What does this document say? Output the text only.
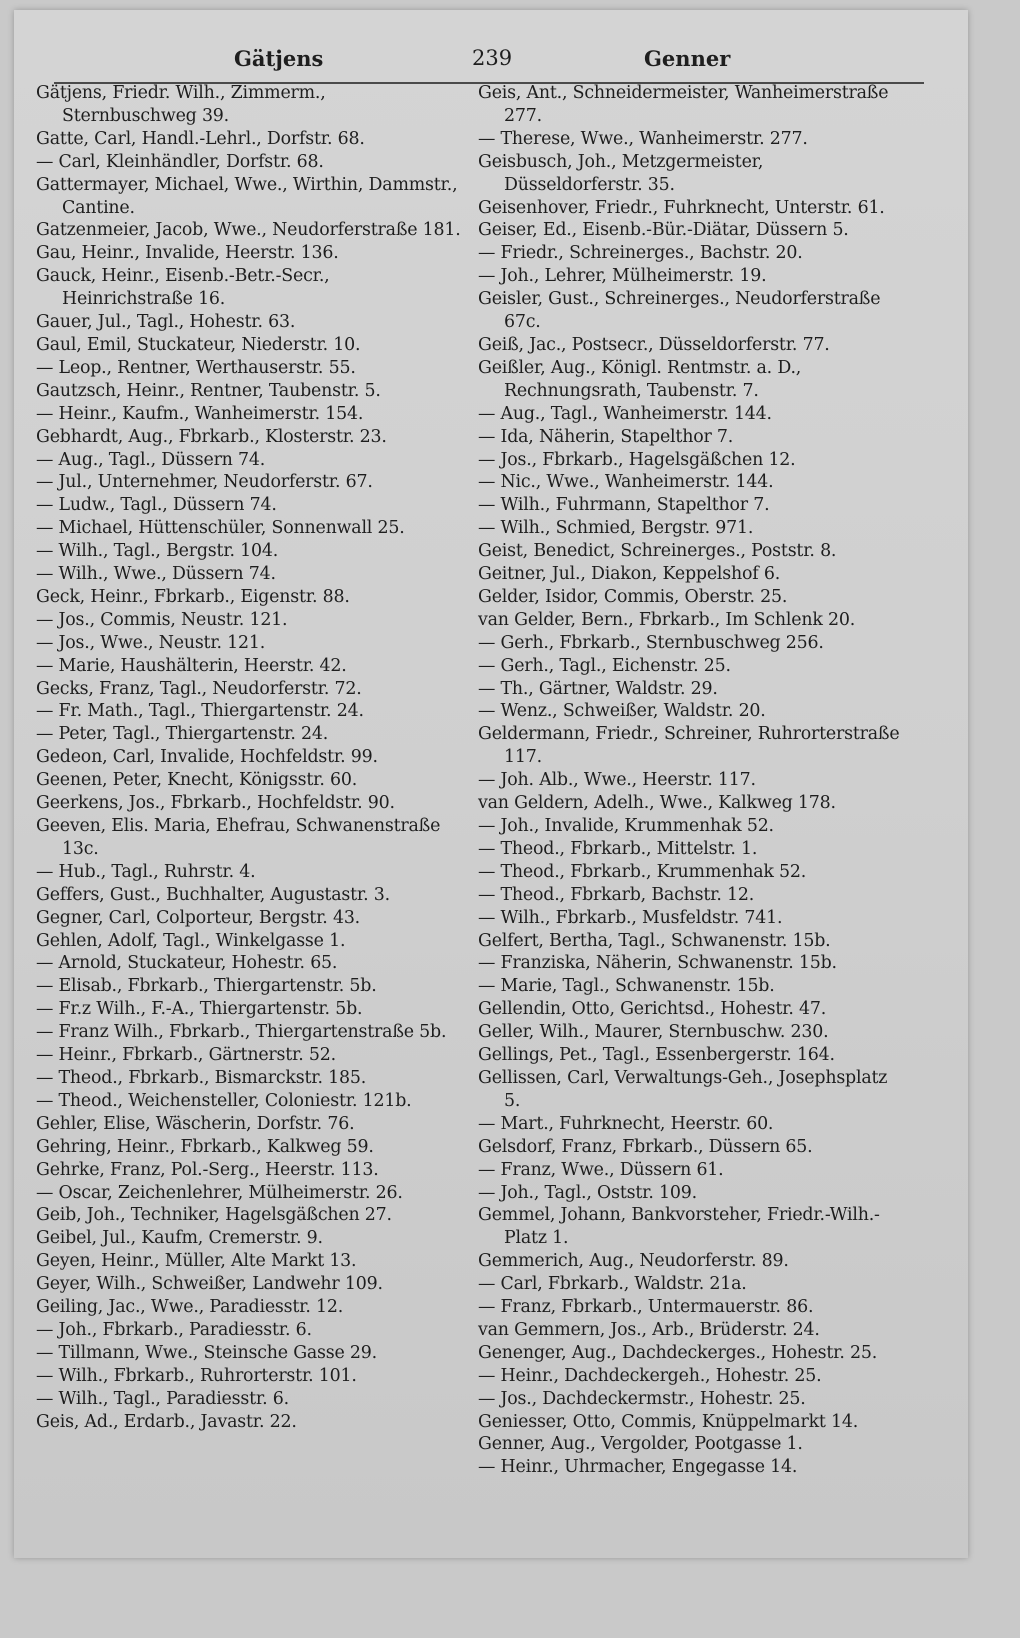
Gätjens	239	Genner
Gätjens, Friedr. Wilh., Zimmerm., Sternbuschweg 39.
Gatte, Carl, Handl.-Lehrl., Dorfstr. 68.
— Carl, Kleinhändler, Dorfstr. 68.
Gattermayer, Michael, Wwe., Wirthin, Dammstr., Cantine.
Gatzenmeier, Jacob, Wwe., Neudorferstraße 181.
Gau, Heinr., Invalide, Heerstr. 136.
Gauck, Heinr., Eisenb.-Betr.-Secr., Heinrichstraße 16.
Gauer, Jul., Tagl., Hohestr. 63.
Gaul, Emil, Stuckateur, Niederstr. 10.
— Leop., Rentner, Werthauserstr. 55.
Gautzsch, Heinr., Rentner, Taubenstr. 5.
— Heinr., Kaufm., Wanheimerstr. 154.
Gebhardt, Aug., Fbrkarb., Klosterstr. 23.
— Aug., Tagl., Düssern 74.
— Jul., Unternehmer, Neudorferstr. 67.
— Ludw., Tagl., Düssern 74.
— Michael, Hüttenschüler, Sonnenwall 25.
— Wilh., Tagl., Bergstr. 104.
— Wilh., Wwe., Düssern 74.
Geck, Heinr., Fbrkarb., Eigenstr. 88.
— Jos., Commis, Neustr. 121.
— Jos., Wwe., Neustr. 121.
— Marie, Haushälterin, Heerstr. 42.
Gecks, Franz, Tagl., Neudorferstr. 72.
— Fr. Math., Tagl., Thiergartenstr. 24.
— Peter, Tagl., Thiergartenstr. 24.
Gedeon, Carl, Invalide, Hochfeldstr. 99.
Geenen, Peter, Knecht, Königsstr. 60.
Geerkens, Jos., Fbrkarb., Hochfeldstr. 90.
Geeven, Elis. Maria, Ehefrau, Schwanenstraße 13c.
— Hub., Tagl., Ruhrstr. 4.
Geffers, Gust., Buchhalter, Augustastr. 3.
Gegner, Carl, Colporteur, Bergstr. 43.
Gehlen, Adolf, Tagl., Winkelgasse 1.
— Arnold, Stuckateur, Hohestr. 65.
— Elisab., Fbrkarb., Thiergartenstr. 5b.
— Fr.z Wilh., F.-A., Thiergartenstr. 5b.
— Franz Wilh., Fbrkarb., Thiergartenstraße 5b.
— Heinr., Fbrkarb., Gärtnerstr. 52.
— Theod., Fbrkarb., Bismarckstr. 185.
— Theod., Weichensteller, Coloniestr. 121b.
Gehler, Elise, Wäscherin, Dorfstr. 76.
Gehring, Heinr., Fbrkarb., Kalkweg 59.
Gehrke, Franz, Pol.-Serg., Heerstr. 113.
— Oscar, Zeichenlehrer, Mülheimerstr. 26.
Geib, Joh., Techniker, Hagelsgäßchen 27.
Geibel, Jul., Kaufm, Cremerstr. 9.
Geyen, Heinr., Müller, Alte Markt 13.
Geyer, Wilh., Schweißer, Landwehr 109.
Geiling, Jac., Wwe., Paradiesstr. 12.
— Joh., Fbrkarb., Paradiesstr. 6.
— Tillmann, Wwe., Steinsche Gasse 29.
— Wilh., Fbrkarb., Ruhrorterstr. 101.
— Wilh., Tagl., Paradiesstr. 6.
Geis, Ad., Erdarb., Javastr. 22.
Geis, Ant., Schneidermeister, Wanheimerstraße 277.
— Therese, Wwe., Wanheimerstr. 277.
Geisbusch, Joh., Metzgermeister, Düsseldorferstr. 35.
Geisenhover, Friedr., Fuhrknecht, Unterstr. 61.
Geiser, Ed., Eisenb.-Bür.-Diätar, Düssern 5.
— Friedr., Schreinerges., Bachstr. 20.
— Joh., Lehrer, Mülheimerstr. 19.
Geisler, Gust., Schreinerges., Neudorferstraße 67c.
Geiß, Jac., Postsecr., Düsseldorferstr. 77.
Geißler, Aug., Königl. Rentmstr. a. D., Rechnungsrath, Taubenstr. 7.
— Aug., Tagl., Wanheimerstr. 144.
— Ida, Näherin, Stapelthor 7.
— Jos., Fbrkarb., Hagelsgäßchen 12.
— Nic., Wwe., Wanheimerstr. 144.
— Wilh., Fuhrmann, Stapelthor 7.
— Wilh., Schmied, Bergstr. 971.
Geist, Benedict, Schreinerges., Poststr. 8.
Geitner, Jul., Diakon, Keppelshof 6.
Gelder, Isidor, Commis, Oberstr. 25.
van Gelder, Bern., Fbrkarb., Im Schlenk 20.
— Gerh., Fbrkarb., Sternbuschweg 256.
— Gerh., Tagl., Eichenstr. 25.
— Th., Gärtner, Waldstr. 29.
— Wenz., Schweißer, Waldstr. 20.
Geldermann, Friedr., Schreiner, Ruhrorterstraße 117.
— Joh. Alb., Wwe., Heerstr. 117.
van Geldern, Adelh., Wwe., Kalkweg 178.
— Joh., Invalide, Krummenhak 52.
— Theod., Fbrkarb., Mittelstr. 1.
— Theod., Fbrkarb., Krummenhak 52.
— Theod., Fbrkarb, Bachstr. 12.
— Wilh., Fbrkarb., Musfeldstr. 741.
Gelfert, Bertha, Tagl., Schwanenstr. 15b.
— Franziska, Näherin, Schwanenstr. 15b.
— Marie, Tagl., Schwanenstr. 15b.
Gellendin, Otto, Gerichtsd., Hohestr. 47.
Geller, Wilh., Maurer, Sternbuschw. 230.
Gellings, Pet., Tagl., Essenbergerstr. 164.
Gellissen, Carl, Verwaltungs-Geh., Josephsplatz 5.
— Mart., Fuhrknecht, Heerstr. 60.
Gelsdorf, Franz, Fbrkarb., Düssern 65.
— Franz, Wwe., Düssern 61.
— Joh., Tagl., Oststr. 109.
Gemmel, Johann, Bankvorsteher, Friedr.-Wilh.-Platz 1.
Gemmerich, Aug., Neudorferstr. 89.
— Carl, Fbrkarb., Waldstr. 21a.
— Franz, Fbrkarb., Untermauerstr. 86.
van Gemmern, Jos., Arb., Brüderstr. 24.
Genenger, Aug., Dachdeckerges., Hohestr. 25.
— Heinr., Dachdeckergeh., Hohestr. 25.
— Jos., Dachdeckermstr., Hohestr. 25.
Geniesser, Otto, Commis, Knüppelmarkt 14.
Genner, Aug., Vergolder, Pootgasse 1.
— Heinr., Uhrmacher, Engegasse 14.
